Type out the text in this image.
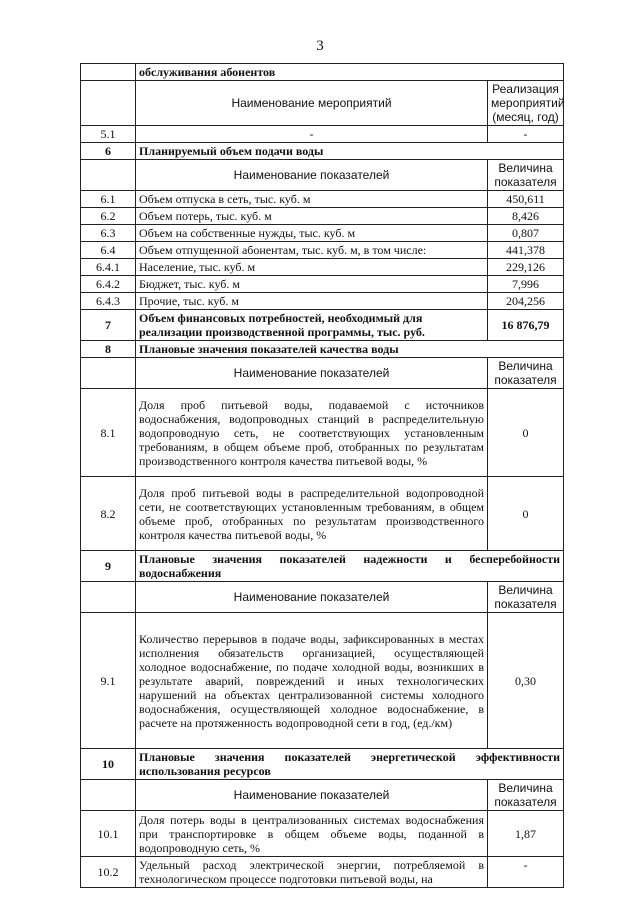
3
	обслуживания абонентов	
	Наименование мероприятий	Реализация мероприятий (месяц, год)
5.1	-	-
6	Планируемый объем подачи воды	
	Наименование показателей	Величина показателя
6.1	Объем отпуска в сеть, тыс. куб. м	450,611
6.2	Объем потерь, тыс. куб. м	8,426
6.3	Объем на собственные нужды, тыс. куб. м	0,807
6.4	Объем отпущенной абонентам, тыс. куб. м, в том числе:	441,378
6.4.1	Население, тыс. куб. м	229,126
6.4.2	Бюджет, тыс. куб. м	7,996
6.4.3	Прочие, тыс. куб. м	204,256
7	Объем финансовых потребностей, необходимый для реализации производственной программы, тыс. руб.	16 876,79
8	Плановые значения показателей качества воды	
	Наименование показателей	Величина показателя
8.1	Доля проб питьевой воды, подаваемой с источников водоснабжения, водопроводных станций в распределительную водопроводную сеть, не соответствующих установленным требованиям, в общем объеме проб, отобранных по результатам производственного контроля качества питьевой воды, %	0
8.2	Доля проб питьевой воды в распределительной водопроводной сети, не соответствующих установленным требованиям, в общем объеме проб, отобранных по результатам производственного контроля качества питьевой воды, %	0
9	Плановые значения показателей надежности и бесперебойности водоснабжения	
	Наименование показателей	Величина показателя
9.1	Количество перерывов в подаче воды, зафиксированных в местах исполнения обязательств организацией, осуществляющей холодное водоснабжение, по подаче холодной воды, возникших в результате аварий, повреждений и иных технологических нарушений на объектах централизованной системы холодного водоснабжения, осуществляющей холодное водоснабжение, в расчете на протяженность водопроводной сети в год, (ед./км)	0,30
10	Плановые значения показателей энергетической эффективности использования ресурсов	
	Наименование показателей	Величина показателя
10.1	Доля потерь воды в централизованных системах водоснабжения при транспортировке в общем объеме воды, поданной в водопроводную сеть, %	1,87
10.2	Удельный расход электрической энергии, потребляемой в технологическом процессе подготовки питьевой воды, на	-
